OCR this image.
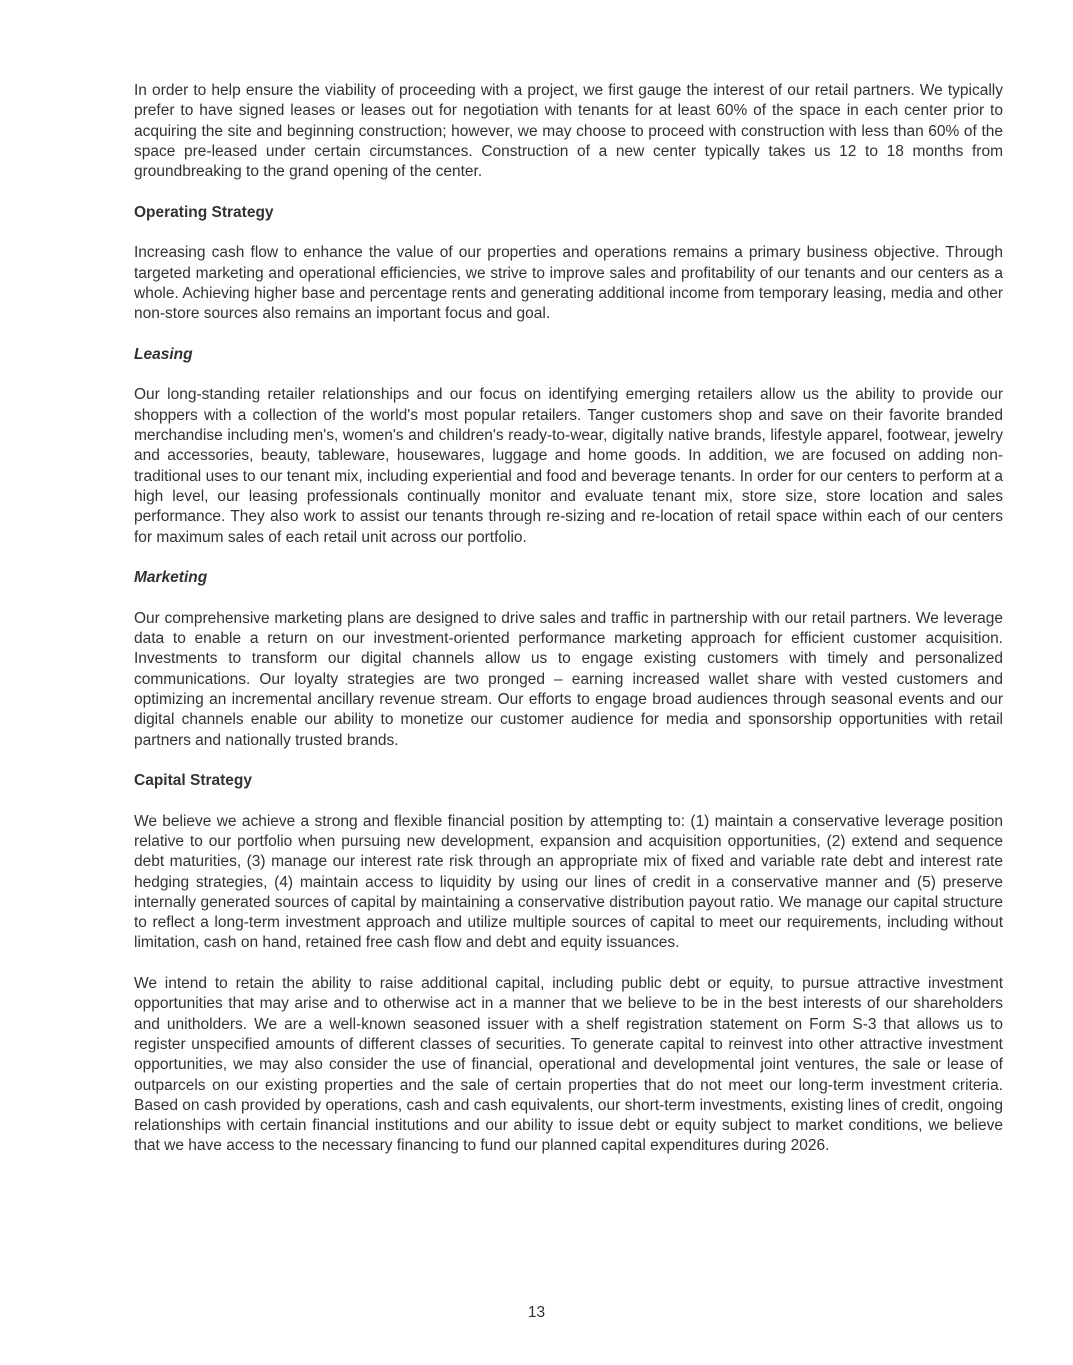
In order to help ensure the viability of proceeding with a project, we first gauge the interest of our retail partners. We typically prefer to have signed leases or leases out for negotiation with tenants for at least 60% of the space in each center prior to acquiring the site and beginning construction; however, we may choose to proceed with construction with less than 60% of the space pre-leased under certain circumstances. Construction of a new center typically takes us 12 to 18 months from groundbreaking to the grand opening of the center.

Operating Strategy

Increasing cash flow to enhance the value of our properties and operations remains a primary business objective. Through targeted marketing and operational efficiencies, we strive to improve sales and profitability of our tenants and our centers as a whole. Achieving higher base and percentage rents and generating additional income from temporary leasing, media and other non-store sources also remains an important focus and goal.

Leasing

Our long-standing retailer relationships and our focus on identifying emerging retailers allow us the ability to provide our shoppers with a collection of the world's most popular retailers. Tanger customers shop and save on their favorite branded merchandise including men's, women's and children's ready-to-wear, digitally native brands, lifestyle apparel, footwear, jewelry and accessories, beauty, tableware, housewares, luggage and home goods. In addition, we are focused on adding non-traditional uses to our tenant mix, including experiential and food and beverage tenants. In order for our centers to perform at a high level, our leasing professionals continually monitor and evaluate tenant mix, store size, store location and sales performance. They also work to assist our tenants through re-sizing and re-location of retail space within each of our centers for maximum sales of each retail unit across our portfolio.

Marketing

Our comprehensive marketing plans are designed to drive sales and traffic in partnership with our retail partners. We leverage data to enable a return on our investment-oriented performance marketing approach for efficient customer acquisition. Investments to transform our digital channels allow us to engage existing customers with timely and personalized communications. Our loyalty strategies are two pronged – earning increased wallet share with vested customers and optimizing an incremental ancillary revenue stream. Our efforts to engage broad audiences through seasonal events and our digital channels enable our ability to monetize our customer audience for media and sponsorship opportunities with retail partners and nationally trusted brands.

Capital Strategy

We believe we achieve a strong and flexible financial position by attempting to: (1) maintain a conservative leverage position relative to our portfolio when pursuing new development, expansion and acquisition opportunities, (2) extend and sequence debt maturities, (3) manage our interest rate risk through an appropriate mix of fixed and variable rate debt and interest rate hedging strategies, (4) maintain access to liquidity by using our lines of credit in a conservative manner and (5) preserve internally generated sources of capital by maintaining a conservative distribution payout ratio. We manage our capital structure to reflect a long-term investment approach and utilize multiple sources of capital to meet our requirements, including without limitation, cash on hand, retained free cash flow and debt and equity issuances.

We intend to retain the ability to raise additional capital, including public debt or equity, to pursue attractive investment opportunities that may arise and to otherwise act in a manner that we believe to be in the best interests of our shareholders and unitholders. We are a well-known seasoned issuer with a shelf registration statement on Form S-3 that allows us to register unspecified amounts of different classes of securities. To generate capital to reinvest into other attractive investment opportunities, we may also consider the use of financial, operational and developmental joint ventures, the sale or lease of outparcels on our existing properties and the sale of certain properties that do not meet our long-term investment criteria. Based on cash provided by operations, cash and cash equivalents, our short-term investments, existing lines of credit, ongoing relationships with certain financial institutions and our ability to issue debt or equity subject to market conditions, we believe that we have access to the necessary financing to fund our planned capital expenditures during 2026.

13
